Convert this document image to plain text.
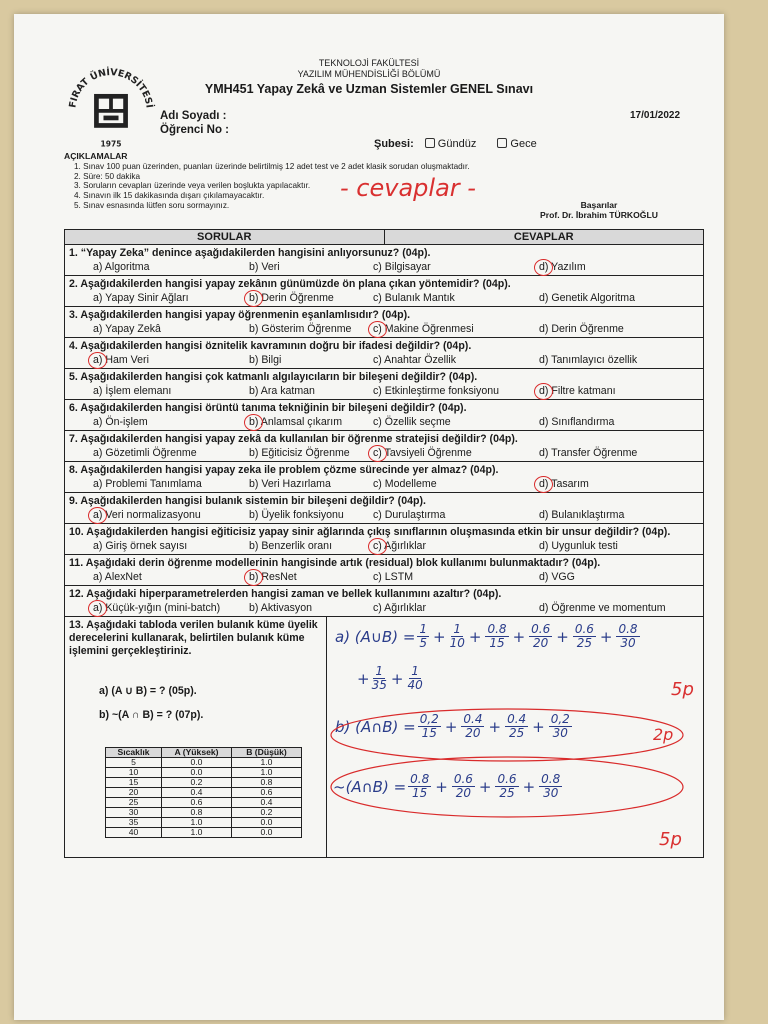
FIRAT ÜNİVERSİTESİ
1975
TEKNOLOJİ FAKÜLTESİ
YAZILIM MÜHENDİSLİĞİ BÖLÜMÜ
YMH451 Yapay Zekâ ve Uzman Sistemler GENEL Sınavı
17/01/2022
Adı Soyadı :
Öğrenci No :
Şubesi: Gündüz	Gece
AÇIKLAMALAR
1. Sınav 100 puan üzerinden, puanları üzerinde belirtilmiş 12 adet test ve 2 adet klasik sorudan oluşmaktadır.
2. Süre: 50 dakika
3. Soruların cevapları üzerinde veya verilen boşlukta yapılacaktır.
4. Sınavın ilk 15 dakikasında dışarı çıkılamayacaktır.
5. Sınav esnasında lütfen soru sormayınız.
- cevaplar -
Başarılar
Prof. Dr. İbrahim TÜRKOĞLU
SORULAR	CEVAPLAR
1. “Yapay Zeka” denince aşağıdakilerden hangisini anlıyorsunuz? (04p).
a) Algoritma	b) Veri	c) Bilgisayar	d) Yazılım
2. Aşağıdakilerden hangisi yapay zekânın günümüzde ön plana çıkan yöntemidir? (04p).
a) Yapay Sinir Ağları	b) Derin Öğrenme	c) Bulanık Mantık	d) Genetik Algoritma
3. Aşağıdakilerden hangisi yapay öğrenmenin eşanlamlısıdır? (04p).
a) Yapay Zekâ	b) Gösterim Öğrenme c) Makine Öğrenmesi	d) Derin Öğrenme
4. Aşağıdakilerden hangisi öznitelik kavramının doğru bir ifadesi değildir? (04p).
a) Ham Veri	b) Bilgi	c) Anahtar Özellik	d) Tanımlayıcı özellik
5. Aşağıdakilerden hangisi çok katmanlı algılayıcıların bir bileşeni değildir? (04p).
a) İşlem elemanı	b) Ara katman	c) Etkinleştirme fonksiyonu	d) Filtre katmanı
6. Aşağıdakilerden hangisi örüntü tanıma tekniğinin bir bileşeni değildir? (04p).
a) Ön-işlem	b) Anlamsal çıkarım	c) Özellik seçme	d) Sınıflandırma
7. Aşağıdakilerden hangisi yapay zekâ da kullanılan bir öğrenme stratejisi değildir? (04p).
a) Gözetimli Öğrenme	b) Eğiticisiz Öğrenme c) Tavsiyeli Öğrenme	d) Transfer Öğrenme
8. Aşağıdakilerden hangisi yapay zeka ile problem çözme sürecinde yer almaz? (04p).
a) Problemi Tanımlama	b) Veri Hazırlama	c) Modelleme	d) Tasarım
9. Aşağıdakilerden hangisi bulanık sistemin bir bileşeni değildir? (04p).
a) Veri normalizasyonu	b) Üyelik fonksiyonu	c) Durulaştırma	d) Bulanıklaştırma
10. Aşağıdakilerden hangisi eğiticisiz yapay sinir ağlarında çıkış sınıflarının oluşmasında etkin bir unsur değildir? (04p).
a) Giriş örnek sayısı	b) Benzerlik oranı	c) Ağırlıklar	d) Uygunluk testi
11. Aşağıdaki derin öğrenme modellerinin hangisinde artık (residual) blok kullanımı bulunmaktadır? (04p).
a) AlexNet	b) ResNet	c) LSTM	d) VGG
12. Aşağıdaki hiperparametrelerden hangisi zaman ve bellek kullanımını azaltır? (04p).
a) Küçük-yığın (mini-batch)	b) Aktivasyon	c) Ağırlıklar	d) Öğrenme ve momentum
13. Aşağıdaki tabloda verilen bulanık küme üyelik derecelerini kullanarak, belirtilen bulanık küme işlemini gerçekleştiriniz.
a) (A ∪ B) = ? (05p).
b) ~(A ∩ B) = ? (07p).
Sıcaklık	A (Yüksek)	B (Düşük)
5	0.0	1.0
10	0.0	1.0
15	0.2	0.8
20	0.4	0.6
25	0.6	0.4
30	0.8	0.2
35	1.0	0.0
40	1.0	0.0
a) (A∪B) = $\frac{1}{5} + \frac{1}{10} + \frac{0.8}{15} + \frac{0.6}{20} + \frac{0.6}{25} + \frac{0.8}{30}$
+ $\frac{1}{35} + \frac{1}{40}$	5p
b) (A∩B) = $\frac{0,2}{15} + \frac{0.4}{20} + \frac{0.4}{25} + \frac{0,2}{30}$	2p
~(A∩B) = $\frac{0.8}{15} + \frac{0.6}{20} + \frac{0.6}{25} + \frac{0.8}{30}$
5p
